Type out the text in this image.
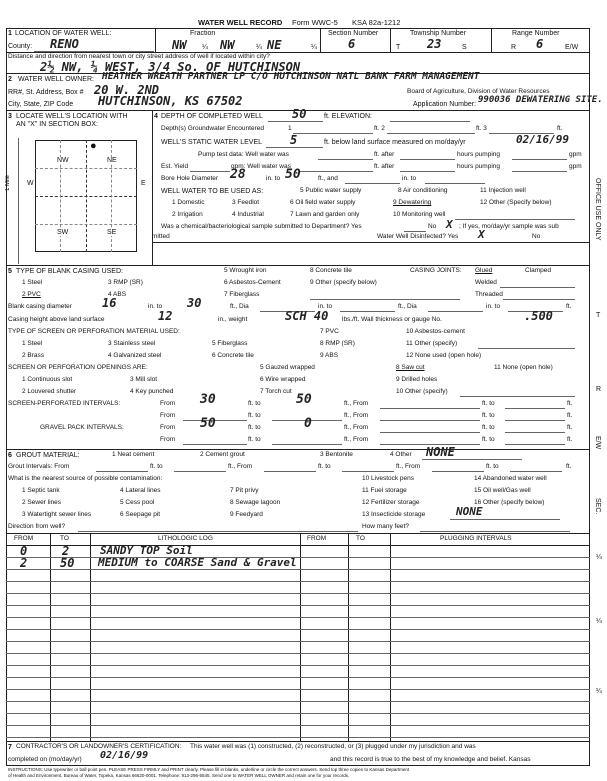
WATER WELL RECORD Form WWC-5 KSA 82a-1212
1 LOCATION OF WATER WELL:
County: RENO
Fraction
NW ¼ NW	¼ NE	¼
Section Number
6
Township Number
T 23	S
Range Number
R 6	E/W
Distance and direction from nearest town or city street address of well if located within city?
2½ NW, ¼ WEST, 3/4 So. OF HUTCHINSON
2 WATER WELL OWNER: HEATHER WREATH PARTNER LP C/O HUTCHINSON NATL BANK FARM MANAGEMENT
RR#, St. Address, Box # 20 W. 2ND	Board of Agriculture, Division of Water Resources
City, State, ZIP Code HUTCHINSON, KS 67502	Application Number: 990036 DEWATERING SITE.
3 LOCATE WELL'S LOCATION WITH
AN "X" IN SECTION BOX:
1 Mile
NW	NE
SW	SE
W	E
●
4 DEPTH OF COMPLETED WELL 50	ft. ELEVATION:
Depth(s) Groundwater Encountered	1	ft. 2	ft. 3	ft.
WELL'S STATIC WATER LEVEL 5	ft. below land surface measured on mo/day/yr	02/16/99
Pump test data: Well water was	ft. after	hours pumping	gpm
Est. Yield	gpm: Well water was	ft. after	hours pumping	gpm
Bore Hole Diameter 28	in. to 50	ft., and	in. to
WELL WATER TO BE USED AS:	5 Public water supply	8 Air conditioning	11 Injection well
1 Domestic	3 Feedlot	6 Oil field water supply	9 Dewatering	12 Other (Specify below)
2 Irrigation	4 Industrial	7 Lawn and garden only	10 Monitoring well
Was a chemical/bacteriological sample submitted to Department? Yes	No X ; If yes, mo/day/yr sample was sub
mitted	Water Well Disinfected? Yes X	No
5 TYPE OF BLANK CASING USED:	5 Wrought iron	8 Concrete tile	CASING JOINTS: Glued	Clamped
1 Steel	3 RMP (SR)	6 Asbestos-Cement	9 Other (specify below)	Welded
2 PVC	4 ABS	7 Fiberglass	Threaded
Blank casing diameter	16	in. to 30	ft., Dia	in. to	ft., Dia	in. to	ft.
Casing height above land surface	12	in., weight	SCH 40 lbs./ft. Wall thickness or gauge No.	.500
TYPE OF SCREEN OR PERFORATION MATERIAL USED:	7 PVC	10 Asbestos-cement
1 Steel	3 Stainless steel	5 Fiberglass	8 RMP (SR)	11 Other (specify)
2 Brass	4 Galvanized steel	6 Concrete tile	9 ABS	12 None used (open hole)
SCREEN OR PERFORATION OPENINGS ARE:	5 Gauzed wrapped	8 Saw cut	11 None (open hole)
1 Continuous slot	3 Mill slot	6 Wire wrapped	9 Drilled holes
2 Louvered shutter	4 Key punched	7 Torch cut	10 Other (specify)
SCREEN-PERFORATED INTERVALS:	From 30	ft. to	50	ft., From	ft. to	ft.
From	ft. to	ft., From	ft. to	ft.
GRAVEL PACK INTERVALS:	From 50	ft. to	0	ft., From	ft. to	ft.
From	ft. to	ft., From	ft. to	ft.
6 GROUT MATERIAL:	1 Neat cement	2 Cement grout	3 Bentonite	4 Other NONE
Grout Intervals: From	ft. to	ft., From	ft. to	ft., From	ft. to	ft.
What is the nearest source of possible contamination:	10 Livestock pens	14 Abandoned water well
1 Septic tank	4 Lateral lines	7 Pit privy	11 Fuel storage	15 Oil well/Gas well
2 Sewer lines	5 Cess pool	8 Sewage lagoon	12 Fertilizer storage	16 Other (specify below)
3 Watertight sewer lines	6 Seepage pit	9 Feedyard	13 Insecticide storage	NONE
Direction from well?	How many feet?
FROM	TO	LITHOLOGIC LOG	FROM	TO	PLUGGING INTERVALS
0	2	SANDY TOP Soil
2	50 MEDIUM to COARSE Sand & Gravel
7 CONTRACTOR'S OR LANDOWNER'S CERTIFICATION: This water well was (1) constructed, (2) reconstructed, or (3) plugged under my jurisdiction and was
completed on (mo/day/yr)
INSTRUCTIONS: Use typewriter or ball point pen. PLEASE PRESS FIRMLY and PRINT clearly. Please fill in blanks, underline or circle the correct answers. Send top three copies to Kansas Department
of Health and Environment, Bureau of Water, Topeka, Kansas 66620-0001. Telephone: 913-296-5545. Send one to WATER WELL OWNER and retain one for your records.
OFFICE USE ONLY
T
R
E/W
SEC.
¼
¼
¼
02/16/99	and this record is true to the best of my knowledge and belief. Kansas
